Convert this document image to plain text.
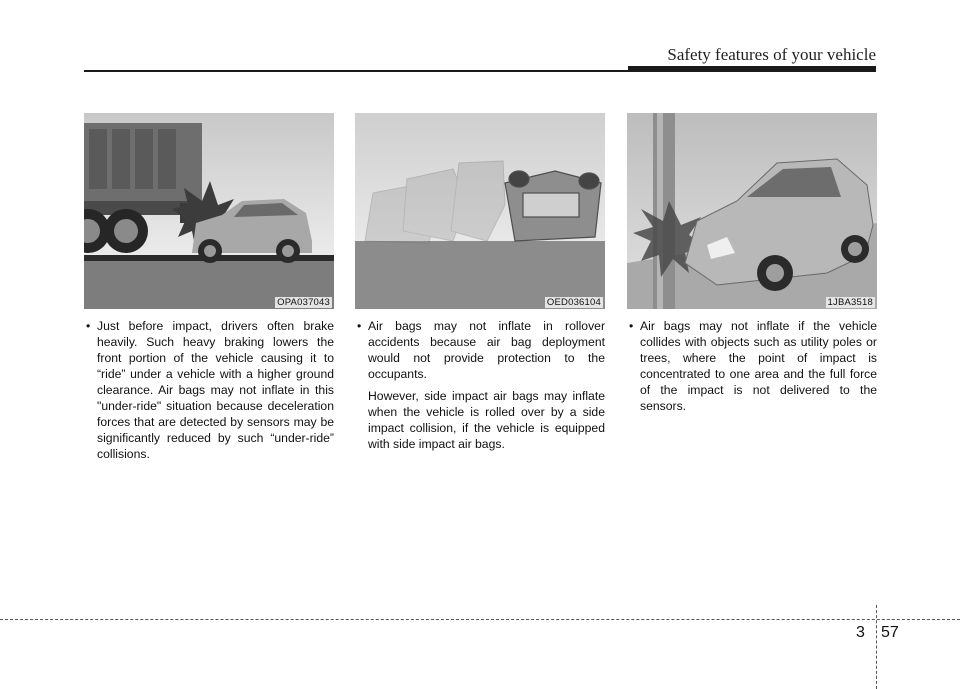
Safety features of your vehicle
OPA037043	OED036104	1JBA3518
• Just before impact, drivers often brake heavily. Such heavy braking lowers the front portion of the vehicle causing it to “ride” under a vehicle with a higher ground clearance. Air bags may not inflate in this "under-ride" situation because deceleration forces that are detected by sensors may be significantly reduced by such “under-ride” collisions.
• Air bags may not inflate in rollover accidents because air bag deployment would not provide protection to the occupants.
However, side impact air bags may inflate when the vehicle is rolled over by a side impact collision, if the vehicle is equipped with side impact air bags.
• Air bags may not inflate if the vehicle collides with objects such as utility poles or trees, where the point of impact is concentrated to one area and the full force of the impact is not delivered to the sensors.
3 57
